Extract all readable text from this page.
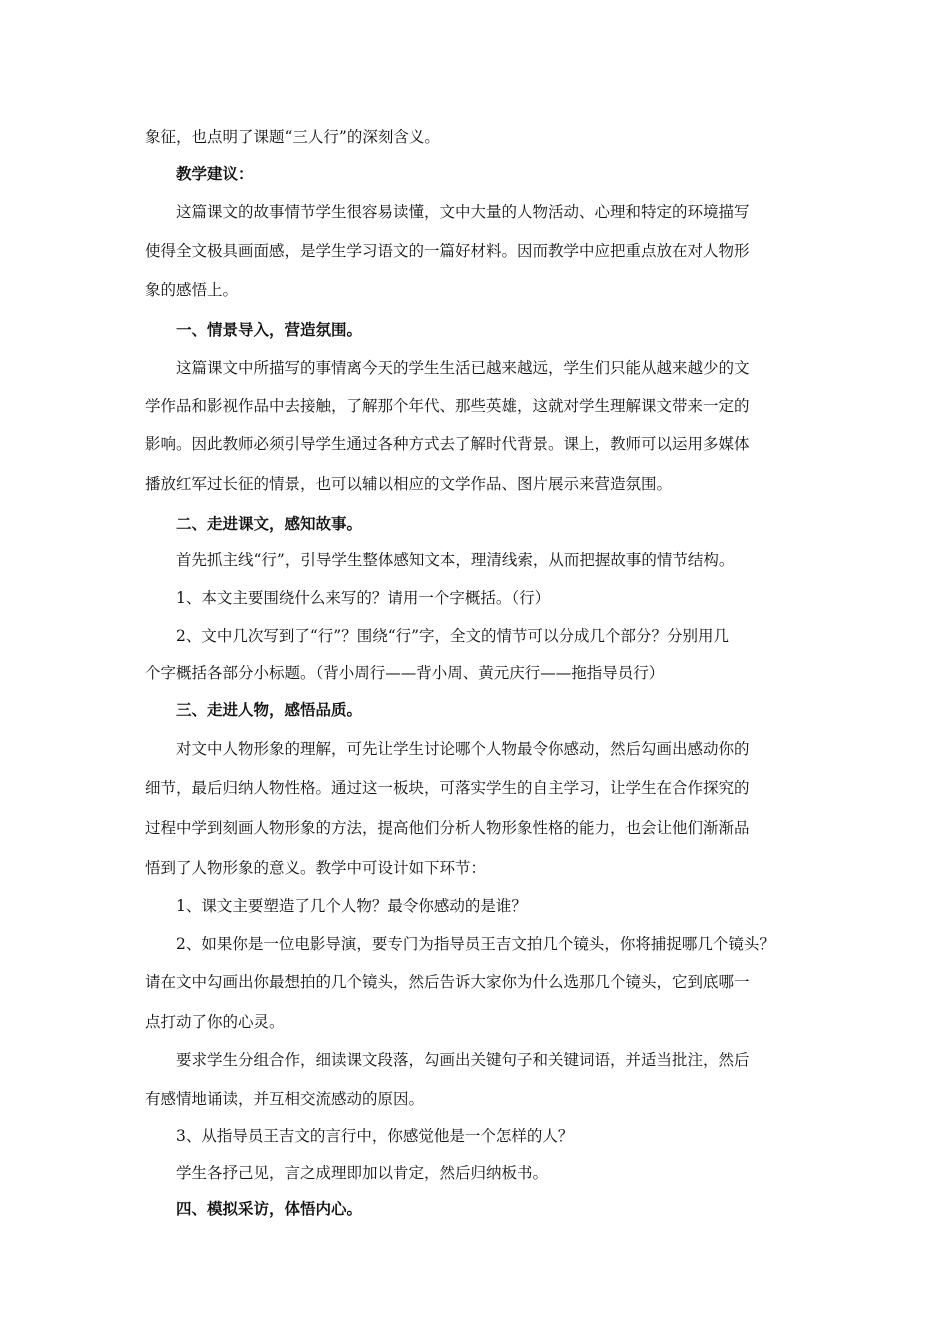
象征，也点明了课题“三人行”的深刻含义。
教学建议：
这篇课文的故事情节学生很容易读懂，文中大量的人物活动、心理和特定的环境描写
使得全文极具画面感，是学生学习语文的一篇好材料。因而教学中应把重点放在对人物形
象的感悟上。
一、情景导入，营造氛围。
这篇课文中所描写的事情离今天的学生生活已越来越远，学生们只能从越来越少的文
学作品和影视作品中去接触，了解那个年代、那些英雄，这就对学生理解课文带来一定的
影响。因此教师必须引导学生通过各种方式去了解时代背景。课上，教师可以运用多媒体
播放红军过长征的情景，也可以辅以相应的文学作品、图片展示来营造氛围。
二、走进课文，感知故事。
首先抓主线“行”，引导学生整体感知文本，理清线索，从而把握故事的情节结构。
1、本文主要围绕什么来写的？请用一个字概括。（行）
2、文中几次写到了“行”？围绕“行”字，全文的情节可以分成几个部分？分别用几
个字概括各部分小标题。（背小周行——背小周、黄元庆行——拖指导员行）
三、走进人物，感悟品质。
对文中人物形象的理解，可先让学生讨论哪个人物最令你感动，然后勾画出感动你的
细节，最后归纳人物性格。通过这一板块，可落实学生的自主学习，让学生在合作探究的
过程中学到刻画人物形象的方法，提高他们分析人物形象性格的能力，也会让他们渐渐品
悟到了人物形象的意义。教学中可设计如下环节：
1、课文主要塑造了几个人物？最令你感动的是谁？
2、如果你是一位电影导演，要专门为指导员王吉文拍几个镜头，你将捕捉哪几个镜头？
请在文中勾画出你最想拍的几个镜头，然后告诉大家你为什么选那几个镜头，它到底哪一
点打动了你的心灵。
要求学生分组合作，细读课文段落，勾画出关键句子和关键词语，并适当批注，然后
有感情地诵读，并互相交流感动的原因。
3、从指导员王吉文的言行中，你感觉他是一个怎样的人？
学生各抒己见，言之成理即加以肯定，然后归纳板书。
四、模拟采访，体悟内心。
